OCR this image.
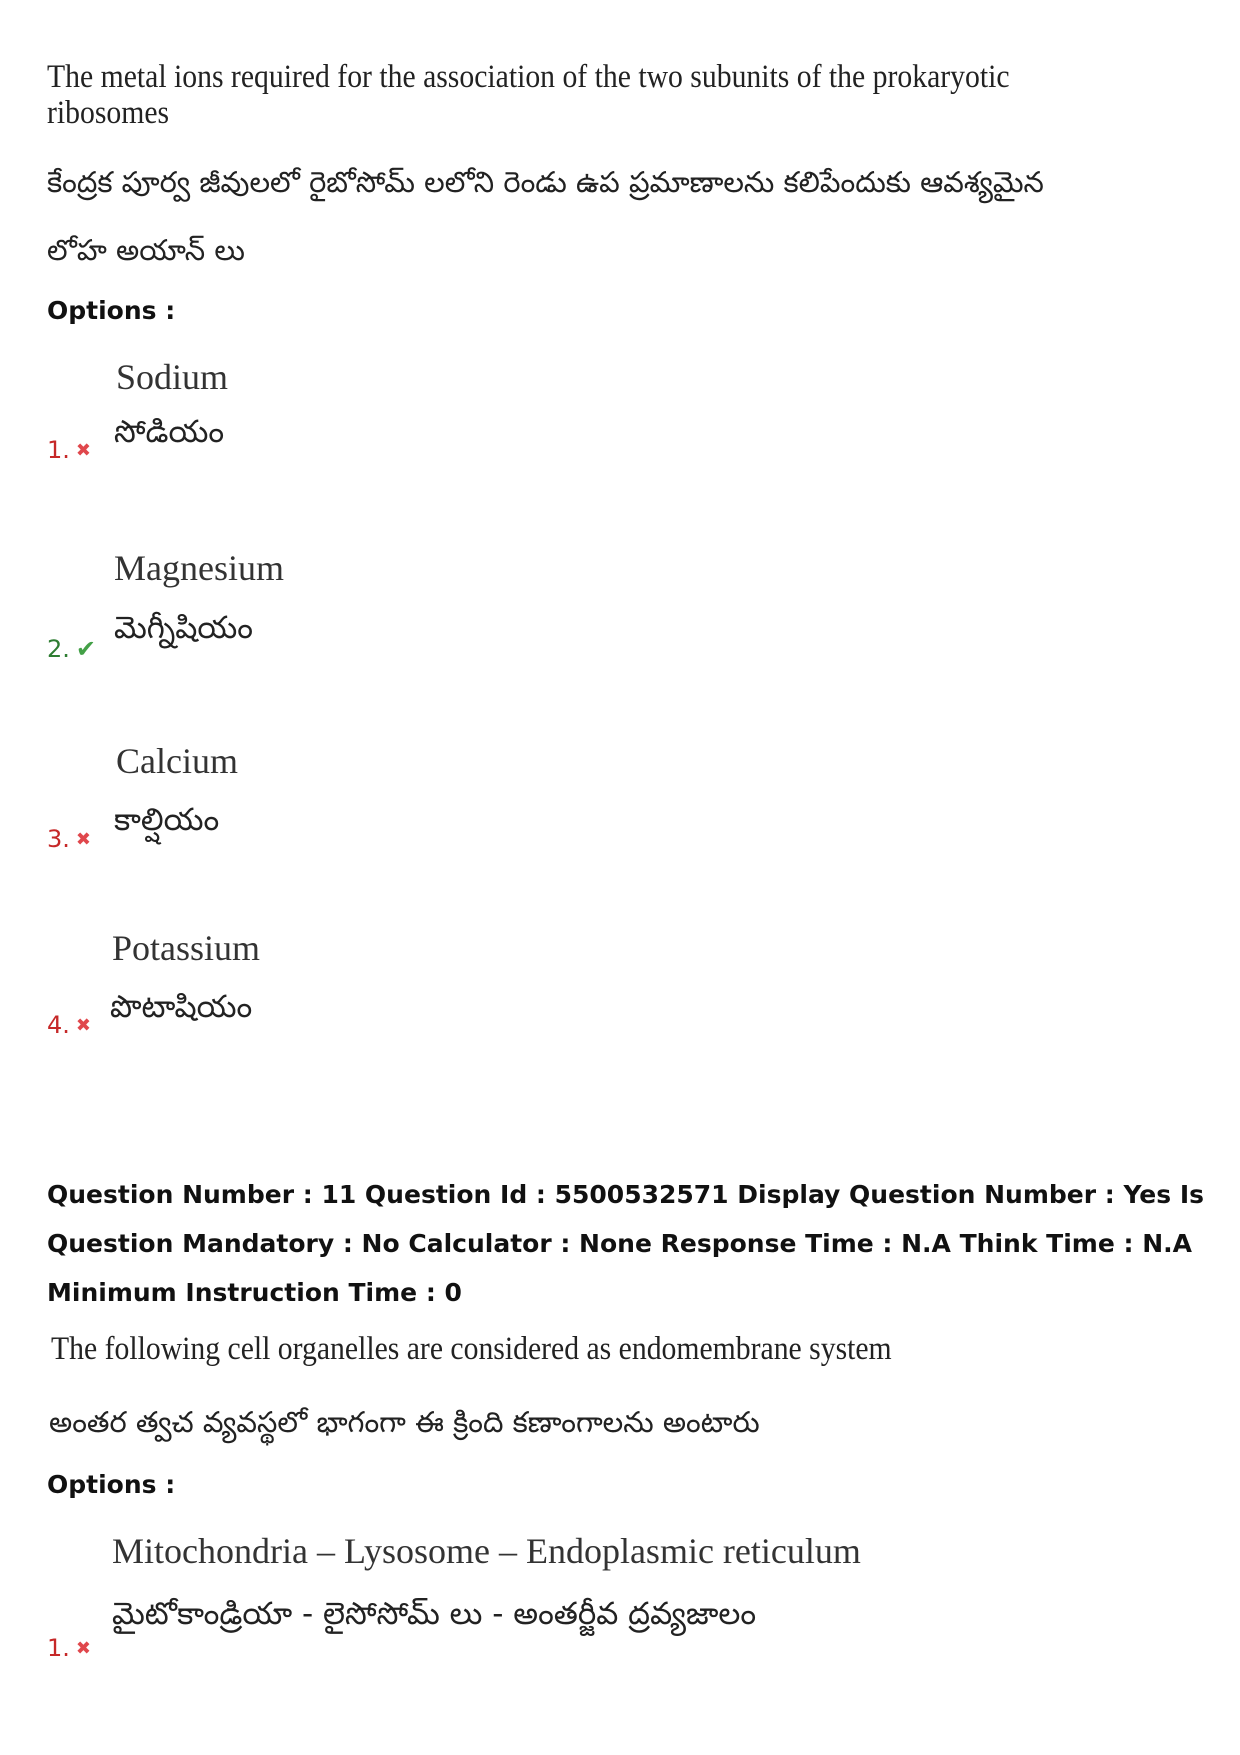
The metal ions required for the association of the two subunits of the prokaryotic
ribosomes
కేంద్రక పూర్వ జీవులలో రైబోసోమ్ లలోని రెండు ఉప ప్రమాణాలను కలిపేందుకు ఆవశ్యమైన
లోహ అయాన్ లు
Options :
Sodium
సోడియం
1. ✖
Magnesium
మెగ్నీషియం
2. ✔
Calcium
కాల్షియం
3. ✖
Potassium
పొటాషియం
4. ✖
Question Number : 11 Question Id : 5500532571 Display Question Number : Yes Is Question Mandatory : No Calculator : None Response Time : N.A Think Time : N.A Minimum Instruction Time : 0
The following cell organelles are considered as endomembrane system
అంతర త్వచ వ్యవస్థలో భాగంగా ఈ క్రింది కణాంగాలను అంటారు
Options :
Mitochondria – Lysosome – Endoplasmic reticulum
మైటోకాండ్రియా - లైసోసోమ్ లు - అంతర్జీవ ద్రవ్యజాలం
1. ✖
